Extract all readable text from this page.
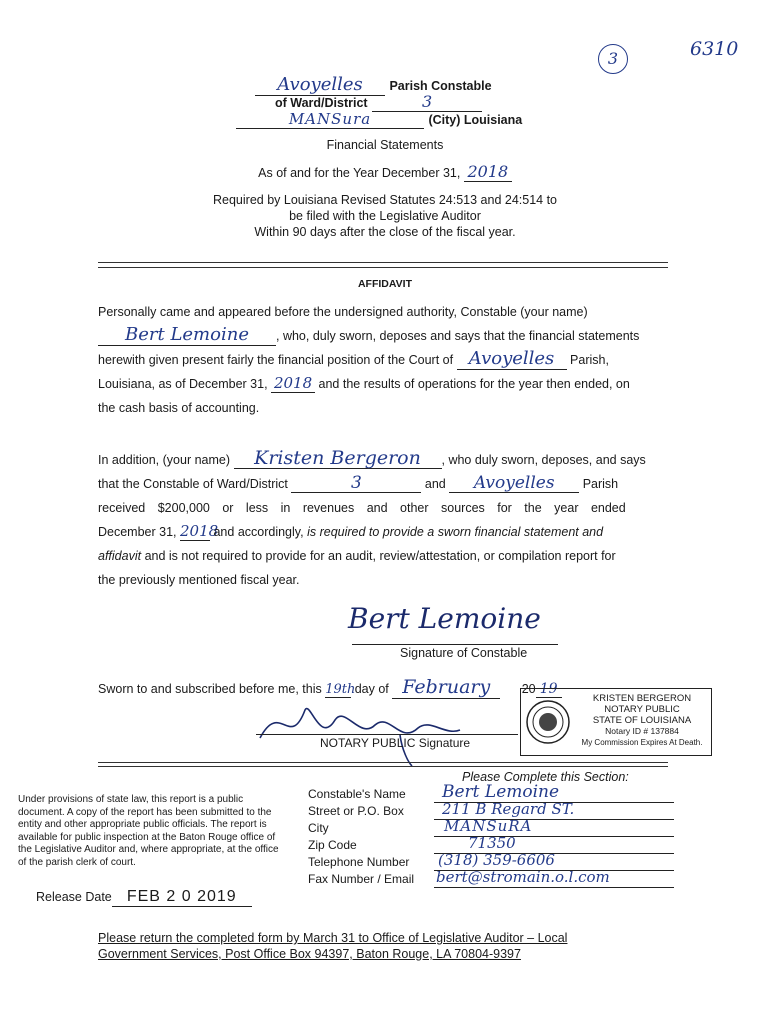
3	6310
Avoyelles Parish Constable
of Ward/District	3
MANSura	(City) Louisiana
Financial Statements
As of and for the Year December 31, 2018
Required by Louisiana Revised Statutes 24:513 and 24:514 to
be filed with the Legislative Auditor
Within 90 days after the close of the fiscal year.
AFFIDAVIT
Personally came and appeared before the undersigned authority, Constable (your name)
Bert Lemoine , who, duly sworn, deposes and says that the financial statements
herewith given present fairly the financial position of the Court of Avoyelles Parish,
Louisiana, as of December 31, 2018 and the results of operations for the year then ended, on
the cash basis of accounting.
In addition, (your name) Kristen Bergeron , who duly sworn, deposes, and says
that the Constable of Ward/District	3	and Avoyelles Parish
received $200,000 or less in revenues and other sources for the year ended
December 31, 2018 and accordingly, is required to provide a sworn financial statement and
affidavit and is not required to provide for an audit, review/attestation, or compilation report for
the previously mentioned fiscal year.
Bert Lemoine
Signature of Constable
Sworn to and subscribed before me, this 19th day of February	20 19
NOTARY PUBLIC Signature
KRISTEN BERGERON
NOTARY PUBLIC
STATE OF LOUISIANA
Notary ID # 137884
My Commission Expires At Death.
Under provisions of state law, this report is a public document. A copy of the report has been submitted to the entity and other appropriate public officials. The report is available for public inspection at the Baton Rouge office of the Legislative Auditor and, where appropriate, at the office of the parish clerk of court.
Release Date FEB 2 0 2019
Please Complete this Section:
Constable's Name Bert Lemoine
Street or P.O. Box	211 B Regard ST.
City	MANSuRA
Zip Code	71350
Telephone Number (318) 359-6606
Fax Number / Email bert@stromain.o.l.com
Please return the completed form by March 31 to Office of Legislative Auditor – Local
Government Services, Post Office Box 94397, Baton Rouge, LA 70804-9397
